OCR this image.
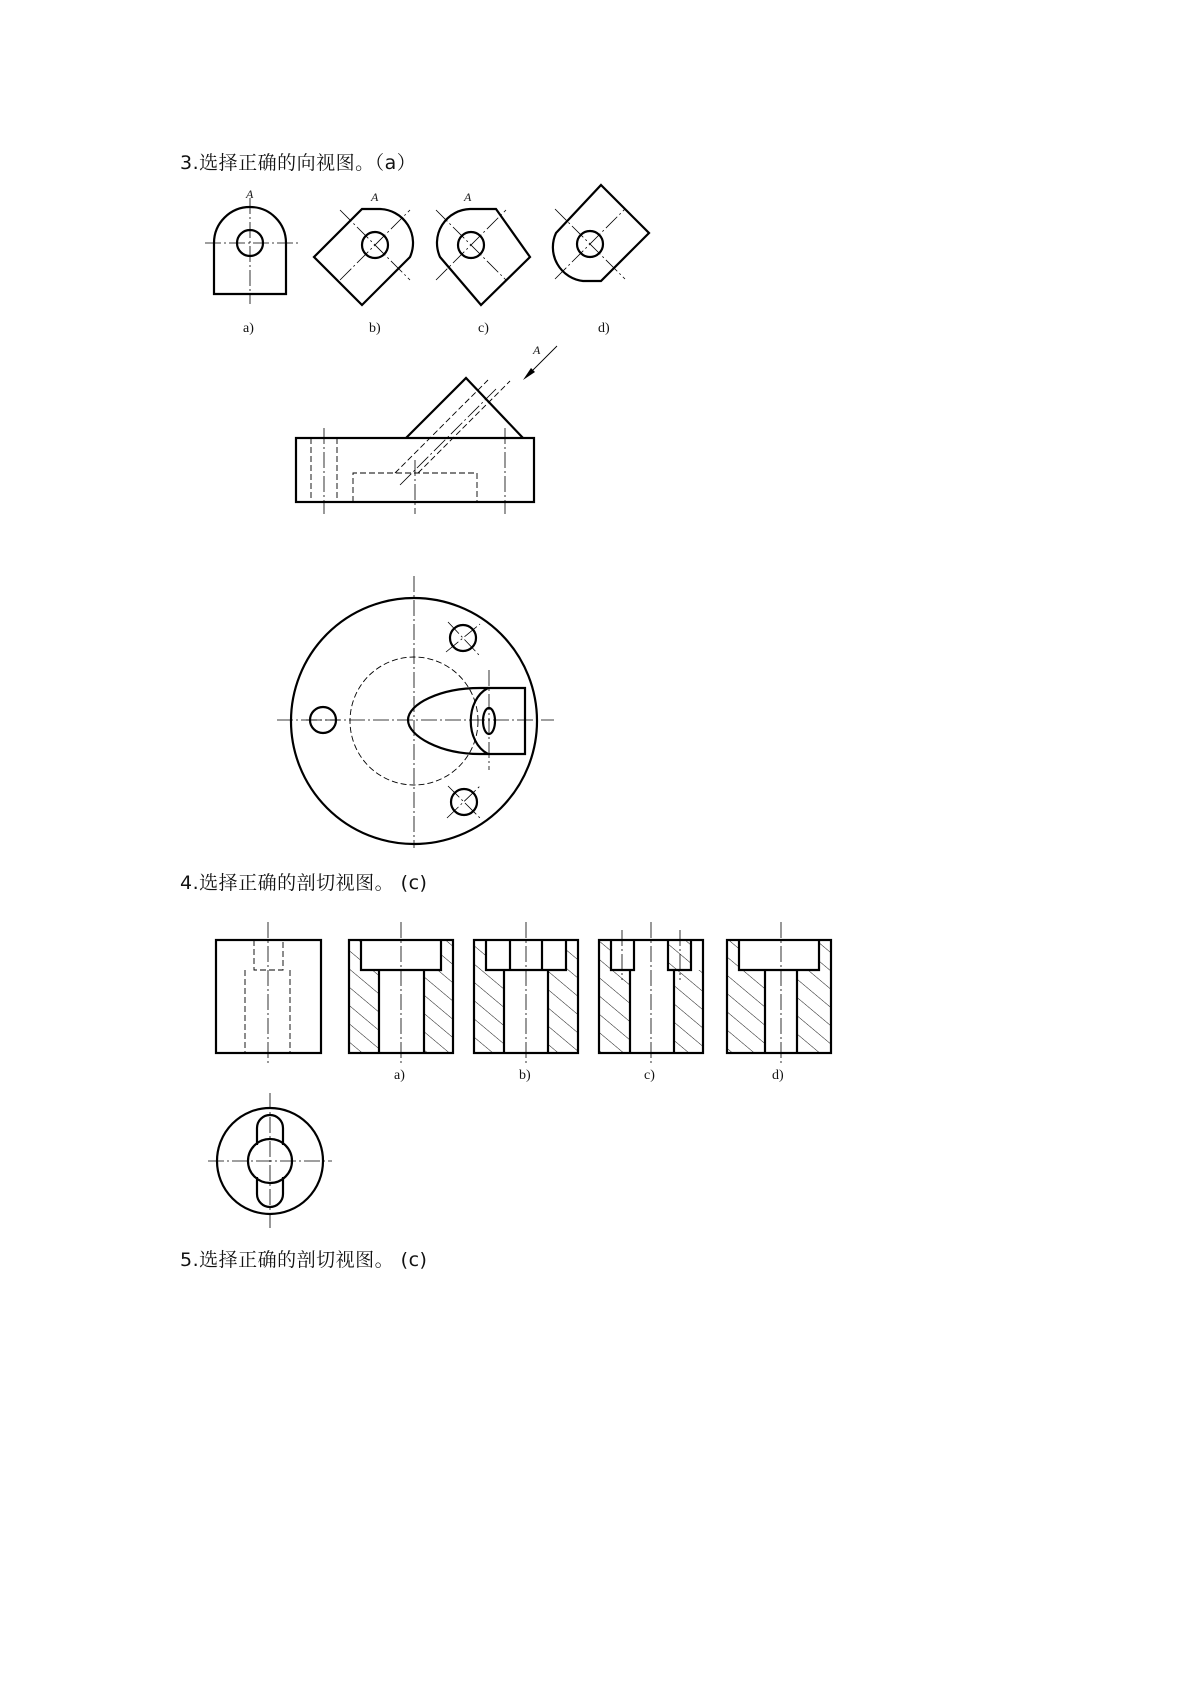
3.选择正确的向视图。（a）
4.选择正确的剖切视图。 (c)
5.选择正确的剖切视图。 (c)
A	A	A
A
a)	b)	c)	d)
a)	b)	c)	d)
